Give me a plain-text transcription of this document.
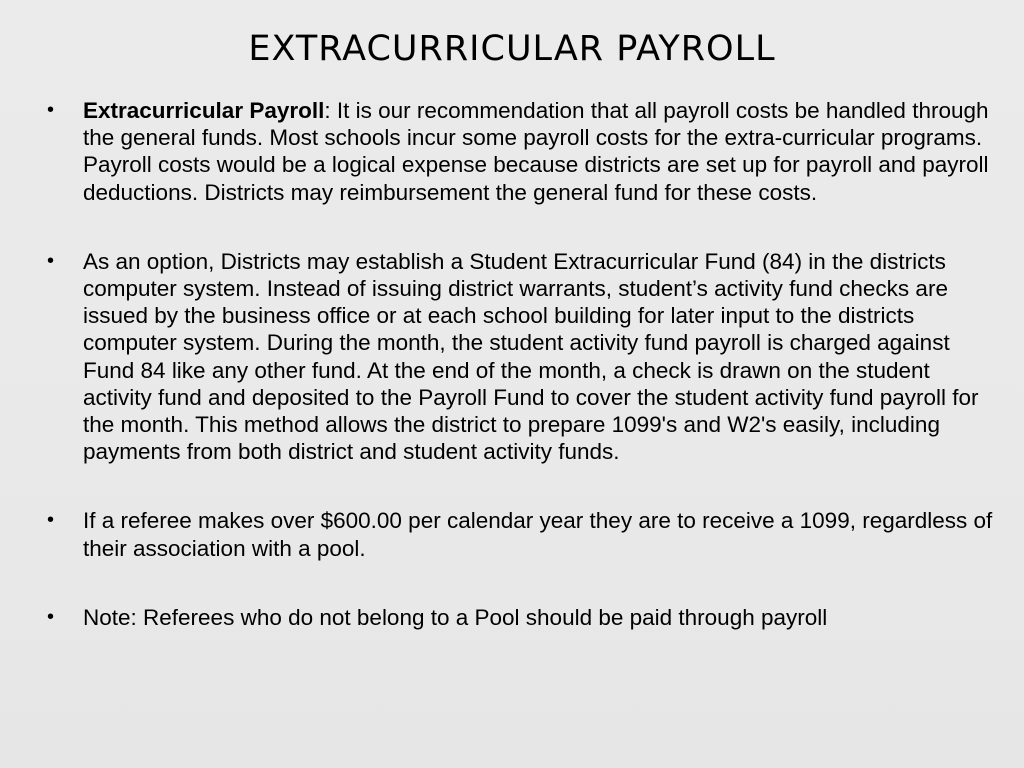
EXTRACURRICULAR PAYROLL
• Extracurricular Payroll: It is our recommendation that all payroll costs be handled through the general funds. Most schools incur some payroll costs for the extra-curricular programs. Payroll costs would be a logical expense because districts are set up for payroll and payroll deductions. Districts may reimbursement the general fund for these costs.
• As an option, Districts may establish a Student Extracurricular Fund (84) in the districts computer system. Instead of issuing district warrants, student’s activity fund checks are issued by the business office or at each school building for later input to the districts computer system. During the month, the student activity fund payroll is charged against Fund 84 like any other fund. At the end of the month, a check is drawn on the student activity fund and deposited to the Payroll Fund to cover the student activity fund payroll for the month. This method allows the district to prepare 1099's and W2's easily, including payments from both district and student activity funds.
• If a referee makes over $600.00 per calendar year they are to receive a 1099, regardless of their association with a pool.
• Note: Referees who do not belong to a Pool should be paid through payroll
